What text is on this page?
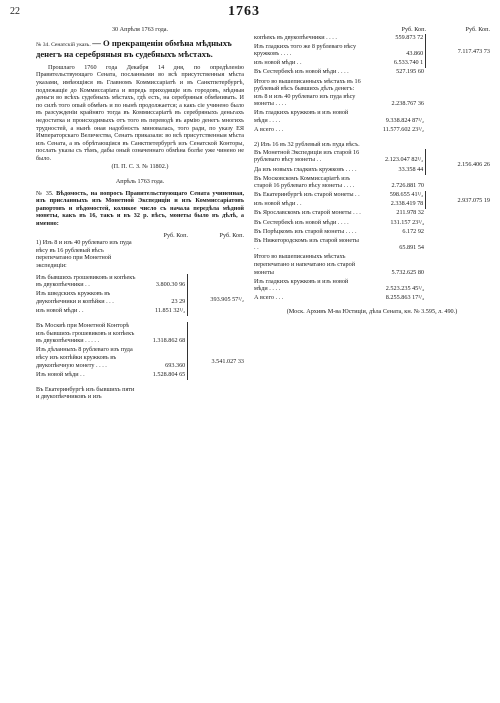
22	1763
30 Апрѣля 1763 года.
№ 34. Сенатскій указъ. — О прекращеніи обмѣна мѣдныхъ денегъ на серебряныя въ судебныхъ мѣстахъ.
Прошлаго 1760 года Декабря 14 дня, по опредѣленію Правительствующаго Сената, посланными во всѣ присутственныя мѣста указами, имѣющіяся въ Главномъ Коммиссаріатѣ и въ Санктпетербургѣ, подлежащіе до Коммиссаріата и впредь приходящіе изъ городовъ, мѣдныя деньги во всѣхъ судебныхъ мѣстахъ, гдѣ есть, на серебряныя обмѣнивать. И по силѣ того опый обмѣнъ и по нынѣ продолжается; а какъ сіе учинено было въ разсужденіи крайняго тогда въ Коммиссаріатѣ въ серебряныхъ деньгахъ недостатка и происходимыхъ отъ того въ переводѣ въ армію денегъ многихъ трудностей, а нынѣ оная надобность миновалась, того ради, по указу ЕЯ Императорскаго Величества, Сенатъ приказали: во всѣ присутственныя мѣста изъ Сената, а въ обрѣтающіяся въ Санктпетербургѣ изъ Сенатской Конторы, послать указы съ тѣмъ, дабы оный означеннаго обмѣна болѣе уже чинено не было.
(П. П. С. З. № 11802.)
Апрѣль 1763 года.
№ 35. Вѣдомость, на вопросъ Правительствующаго Сената учиненная, изъ присланныхъ изъ Монетной Экспедиціи и изъ Коммиссаріатовъ рапортовъ и вѣдомостей, коликое число съ начала передѣла мѣдной монеты, какъ въ 16, такъ и въ 32 р. вѣсъ, монеты было въ дѣлѣ, а именно:
Руб. Коп.	Руб. Коп.
1) Изъ 8 и изъ 40 рублеваго изъ пуда вѣсу въ 16 рублевый вѣсъ перепечатано при Монетной экспедиціи:
Изъ бывшихъ грошевиковъ и копѣекъ въ двукопѣечники . .	3.800.30 96
Изъ шведскихъ кружковъ въ двукопѣечники и копѣйки . . .	23 29
изъ новой мѣди . .	11.851 32¹/₂
393.905 57¹/₂
Въ Москвѣ при Монетной Конторѣ изъ бывшихъ грошевиковъ и копѣекъ въ двукопѣечники . . . . .	1.318.862 68
Изъ дѣланныхъ 8 рублеваго изъ пуда вѣсу изъ копѣйки кружковъ въ двукопѣечную монету . . . .	693.360
Изъ новой мѣди . .	1.528.804 65
3.541.027 33
Въ Екатеринбургѣ изъ бывшихъ пяти и двукопѣечниковъ и изъ
Руб. Коп.	Руб. Коп.
копѣекъ въ двукопѣечники . . . .	559.873 72
Изъ гладкихъ того же 8 рублеваго вѣсу кружковъ . . . .	43.860
изъ новой мѣди . .	6.533.740 1
7.117.473 73
Въ Сестербекѣ изъ новой мѣди . . . .	527.195 60
Итого во вышеписанныхъ мѣстахъ въ 16 рублевый вѣсъ бывшихъ дѣлъ денегъ: изъ 8 и изъ 40 рублеваго изъ пуда вѣсу монеты . . . .	2.238.767 36
Изъ гладкихъ кружковъ и изъ новой мѣди . . . .	9.338.824 87¹/₂
А всего . . .	11.577.602 23¹/₂
2) Изъ 16 въ 32 рублевый изъ пуда вѣсъ.
Въ Монетной Экспедиціи изъ старой 16 рублеваго вѣсу монеты . .	2.123.047 82¹/₂
Да изъ новыхъ гладкихъ кружковъ . . . .	33.358 44
2.156.406 26
Въ Московскомъ Коммиссаріатѣ изъ старой 16 рублеваго вѣсу монеты . . . .	2.726.881 70
Въ Екатеринбургѣ изъ старой монеты . .	598.655 41¹/₂
изъ новой мѣди . .	2.338.419 78	2.937.075 19
Въ Ярославскомъ изъ старой монеты . . .	211.978 32
Въ Сестербекѣ изъ новой мѣди . . . .	131.157 23¹/₄
Въ Порѣцкомъ изъ старой монеты . . . .	6.172 92
Въ Нижегородскомъ изъ старой монеты . .	65.891 54
Итого во вышеписанныхъ мѣстахъ перепечатано и напечатано изъ старой монеты	5.732.625 80
Изъ гладкихъ кружковъ и изъ новой мѣди . . . .	2.523.235 45¹/₄
А всего . . .	8.255.863 17¹/₄
(Моск. Архивъ М-ва Юстиціи, дѣла Сената, кн. № 3.595, л. 490.)
